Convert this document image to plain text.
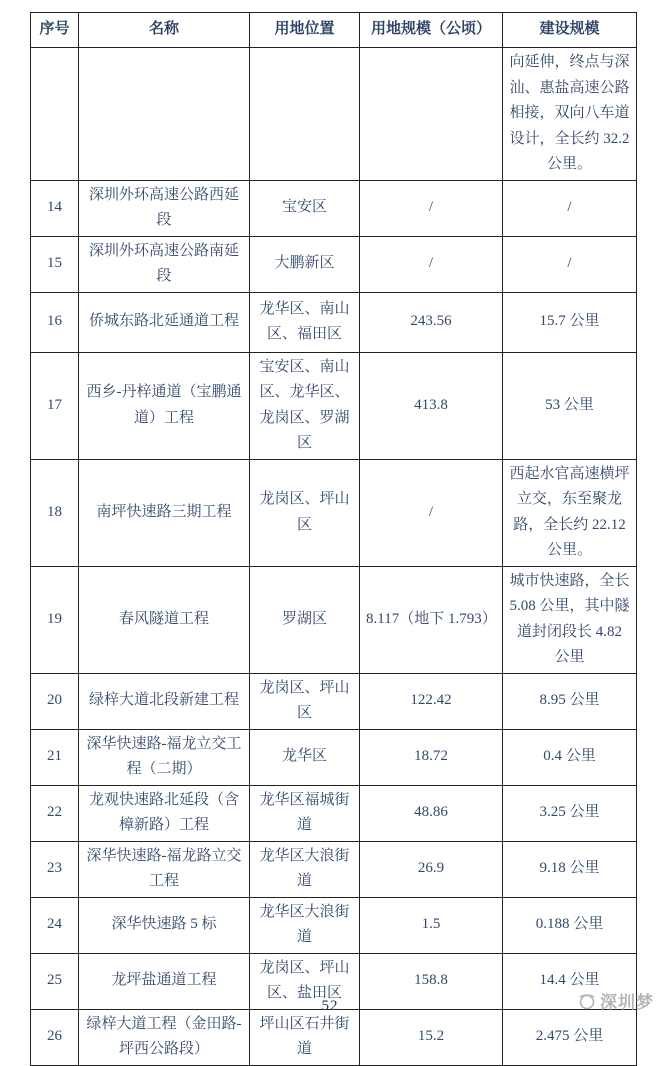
序号	名称	用地位置	用地规模（公顷）	建设规模
				向延伸，终点与深汕、惠盐高速公路相接，双向八车道设计，全长约 32.2 公里。
14	深圳外环高速公路西延段	宝安区	/	/
15	深圳外环高速公路南延段	大鹏新区	/	/
16	侨城东路北延通道工程	龙华区、南山区、福田区	243.56	15.7 公里
17	西乡-丹梓通道（宝鹏通道）工程	宝安区、南山区、龙华区、龙岗区、罗湖区	413.8	53 公里
18	南坪快速路三期工程	龙岗区、坪山区	/	西起水官高速横坪立交，东至聚龙路，全长约 22.12 公里。
19	春风隧道工程	罗湖区	8.117（地下 1.793）	城市快速路，全长 5.08 公里，其中隧道封闭段长 4.82 公里
20	绿梓大道北段新建工程	龙岗区、坪山区	122.42	8.95 公里
21	深华快速路-福龙立交工程（二期）	龙华区	18.72	0.4 公里
22	龙观快速路北延段（含樟新路）工程	龙华区福城街道	48.86	3.25 公里
23	深华快速路-福龙路立交工程	龙华区大浪街道	26.9	9.18 公里
24	深华快速路 5 标	龙华区大浪街道	1.5	0.188 公里
25	龙坪盐通道工程	龙岗区、坪山区、盐田区	158.8	14.4 公里
26	绿梓大道工程（金田路-坪西公路段）	坪山区石井街道	15.2	2.475 公里
52	深圳梦
